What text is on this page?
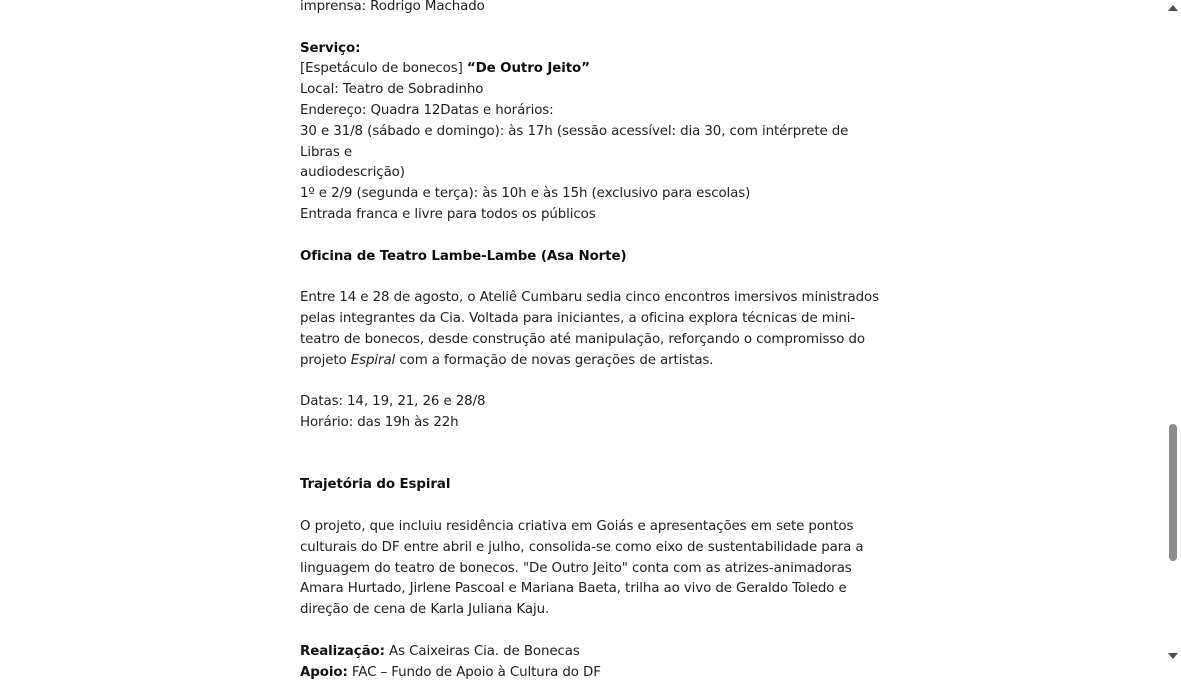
imprensa: Rodrigo Machado

Serviço:

[Espetáculo de bonecos] “De Outro Jeito”

Local: Teatro de Sobradinho

Endereço: Quadra 12Datas e horários:

30 e 31/8 (sábado e domingo): às 17h (sessão acessível: dia 30, com intérprete de Libras e

audiodescrição)

1º e 2/9 (segunda e terça): às 10h e às 15h (exclusivo para escolas)

Entrada franca e livre para todos os públicos

Oficina de Teatro Lambe-Lambe (Asa Norte)

Entre 14 e 28 de agosto, o Ateliê Cumbaru sedia cinco encontros imersivos ministrados pelas integrantes da Cia. Voltada para iniciantes, a oficina explora técnicas de mini-teatro de bonecos, desde construção até manipulação, reforçando o compromisso do projeto Espiral com a formação de novas gerações de artistas.

Datas: 14, 19, 21, 26 e 28/8

Horário: das 19h às 22h

Trajetória do Espiral

O projeto, que incluiu residência criativa em Goiás e apresentações em sete pontos culturais do DF entre abril e julho, consolida-se como eixo de sustentabilidade para a linguagem do teatro de bonecos. "De Outro Jeito" conta com as atrizes-animadoras Amara Hurtado, Jirlene Pascoal e Mariana Baeta, trilha ao vivo de Geraldo Toledo e direção de cena de Karla Juliana Kaju.

Realização: As Caixeiras Cia. de Bonecas

Apoio: FAC – Fundo de Apoio à Cultura do DF
